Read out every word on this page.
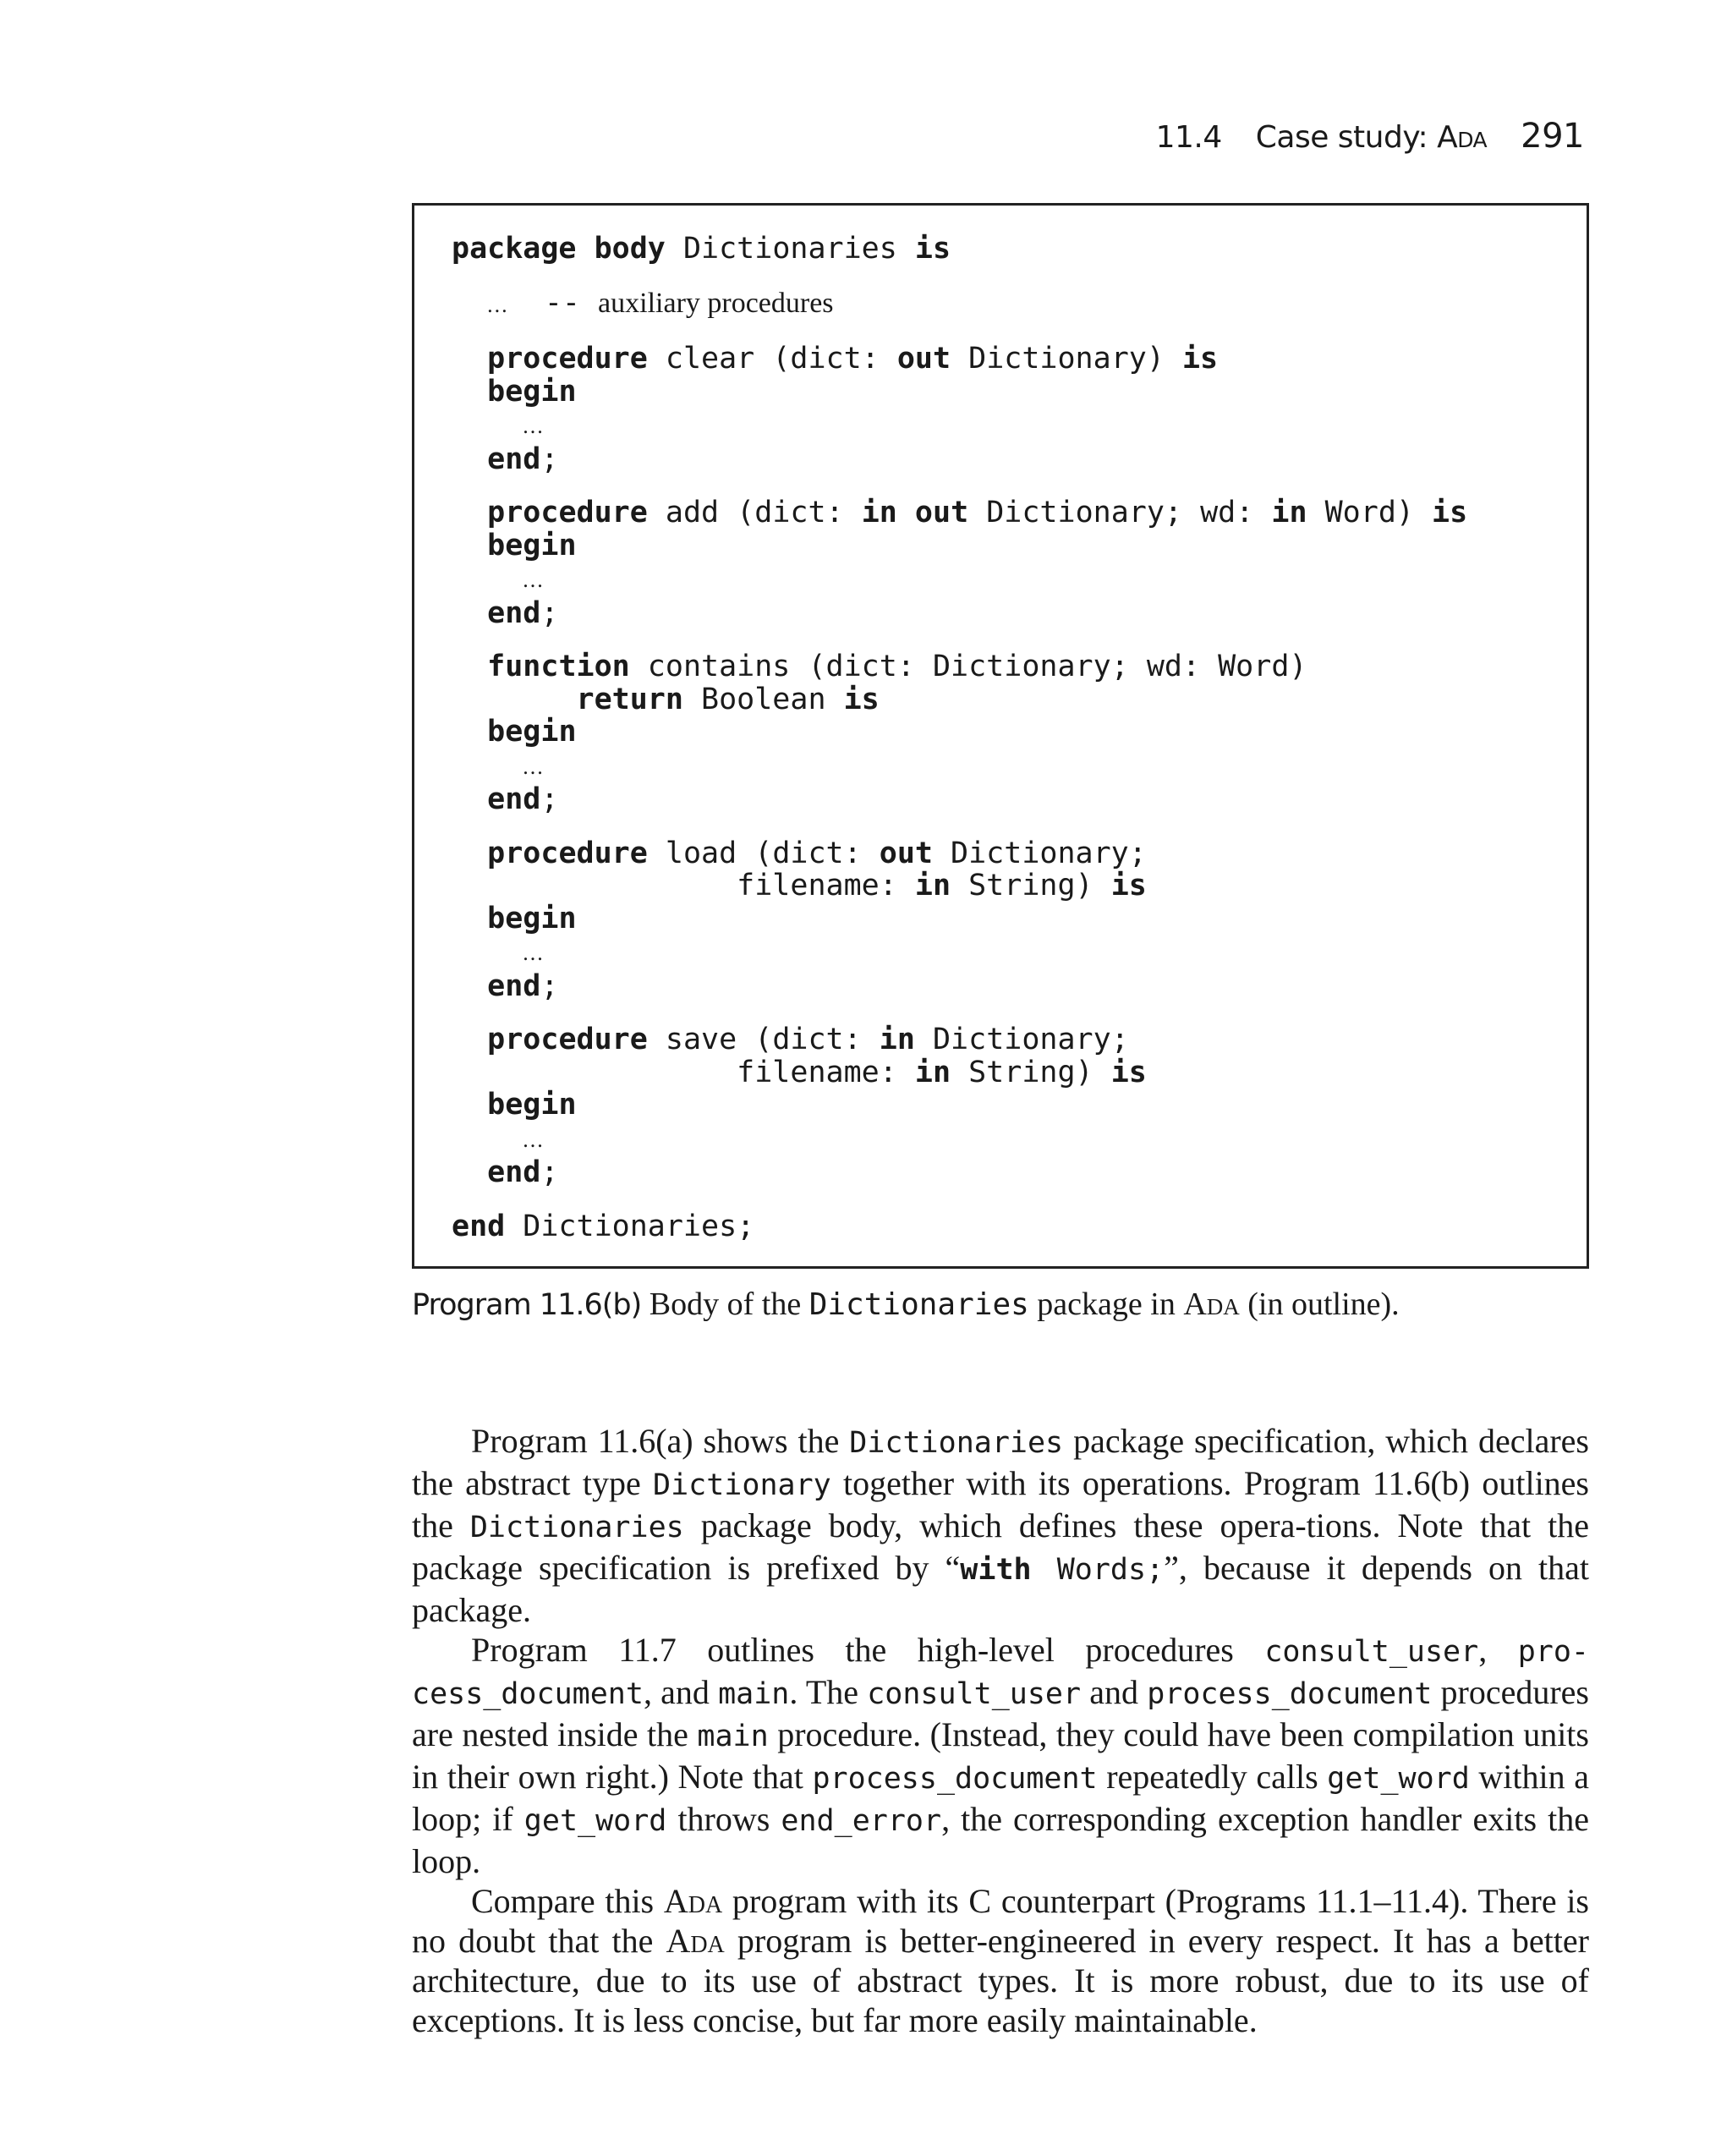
11.4 Case study: Ada 291
package body Dictionaries is
... -- auxiliary procedures
procedure clear (dict: out Dictionary) is
begin
...
end;
procedure add (dict: in out Dictionary; wd: in Word) is
begin
...
end;
function contains (dict: Dictionary; wd: Word)
return Boolean is
begin
...
end;
procedure load (dict: out Dictionary;
filename: in String) is
begin
...
end;
procedure save (dict: in Dictionary;
filename: in String) is
begin
...
end;
end Dictionaries;
Program 11.6(b) Body of the Dictionaries package in Ada (in outline).

Program 11.6(a) shows the Dictionaries package specification, which declares the abstract type Dictionary together with its operations. Program 11.6(b) outlines the Dictionaries package body, which defines these opera-tions. Note that the package specification is prefixed by “with Words;”, because it depends on that package.

Program 11.7 outlines the high-level procedures consult_user, pro-cess_document, and main. The consult_user and process_document procedures are nested inside the main procedure. (Instead, they could have been compilation units in their own right.) Note that process_document repeatedly calls get_word within a loop; if get_word throws end_error, the corresponding exception handler exits the loop.

Compare this Ada program with its C counterpart (Programs 11.1–11.4). There is no doubt that the Ada program is better-engineered in every respect. It has a better architecture, due to its use of abstract types. It is more robust, due to its use of exceptions. It is less concise, but far more easily maintainable.
